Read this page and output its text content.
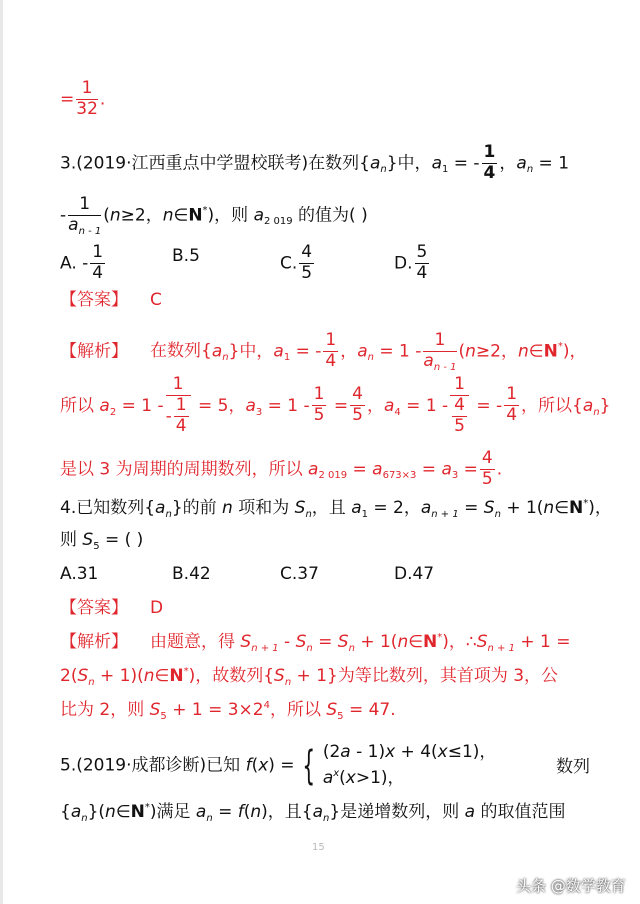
= $\frac{1}{32}$ .
3.(2019·江西重点中学盟校联考)在数列$\{a_n\}$中，$a_1$ = - $\frac{1}{4}$ ，$a_n = 1$
- $\frac{1}{a_{n - 1}} (n\ge 2$，n∈N*)，则 $a_{2 019}$ 的值为( )
A. - $\frac{1}{4}$	B.5	C. $\frac{4}{5}$	D. $\frac{5}{4}$
【答案】 C
【解析】 在数列$\{a_n\}$中，$a_1$ = - $\frac{1}{4}$ ，$a_n = 1 - \frac{1}{a_{n - 1}} (n\ge 2$，n∈N*)，
所以 $a_2 = 1 - \frac{1}{- \frac{1}{4}} = 5$，$a_3 = 1 - \frac{1}{5} = \frac{4}{5}$ ，$a_4 = 1 - \frac{1}{\frac{4}{5}}$ = - $\frac{1}{4}$ ，所以$\{a_n\}$
是以 3 为周期的周期数列，所以 $a_{2 019} = a_{673\times 3} = a_3 = \frac{4}{5}$ .
4.已知数列$\{a_n\}$的前 n 项和为 $S_n$，且 $a_1 = 2$，$a_{n + 1} = S_n$ + 1(n∈N*)，
则 $S_5$ = ( )
A.31	B.42	C.37	D.47
【答案】 D
【解析】 由题意，得 $S_{n + 1} - S_n = S_n$ + 1(n∈N*)，$\therefore S_{n + 1} + 1$ =
$2(S_n$ + 1)(n∈N*)，故数列$\{S_n + 1\}$为等比数列，其首项为 3，公
比为 2，则 $S_5 + 1 = 3\times 2^4$，所以 $S_5 = 47$.
5.(2019·成都诊断)已知 f(x) = { (2a - 1)x + 4(x≤1)，
$a^x(x>1)$，
数列
$\{a_n\}(n\in N^*)$满足 $a_n = f(n)$，且$\{a_n\}$是递增数列，则 a 的取值范围
15
头条 @数学教育
